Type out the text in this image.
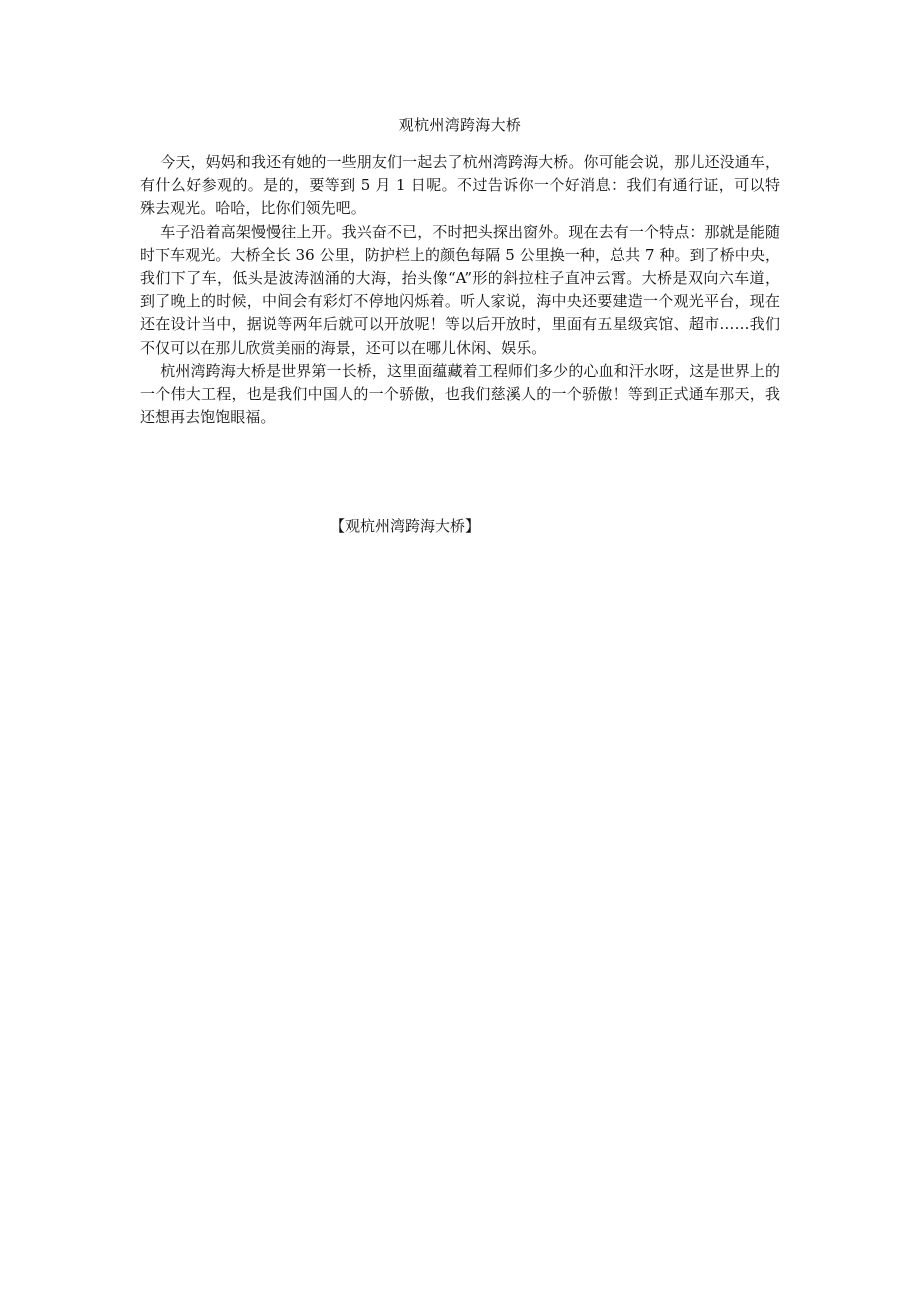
观杭州湾跨海大桥

今天，妈妈和我还有她的一些朋友们一起去了杭州湾跨海大桥。你可能会说，那儿还没通车，有什么好参观的。是的，要等到 5 月 1 日呢。不过告诉你一个好消息：我们有通行证，可以特殊去观光。哈哈，比你们领先吧。

车子沿着高架慢慢往上开。我兴奋不已，不时把头探出窗外。现在去有一个特点：那就是能随时下车观光。大桥全长 36 公里，防护栏上的颜色每隔 5 公里换一种，总共 7 种。到了桥中央，我们下了车，低头是波涛汹涌的大海，抬头像“A”形的斜拉柱子直冲云霄。大桥是双向六车道，到了晚上的时候，中间会有彩灯不停地闪烁着。听人家说，海中央还要建造一个观光平台，现在还在设计当中，据说等两年后就可以开放呢！等以后开放时，里面有五星级宾馆、超市……我们不仅可以在那儿欣赏美丽的海景，还可以在哪儿休闲、娱乐。

杭州湾跨海大桥是世界第一长桥，这里面蕴藏着工程师们多少的心血和汗水呀，这是世界上的一个伟大工程，也是我们中国人的一个骄傲，也我们慈溪人的一个骄傲！等到正式通车那天，我还想再去饱饱眼福。

【观杭州湾跨海大桥】
